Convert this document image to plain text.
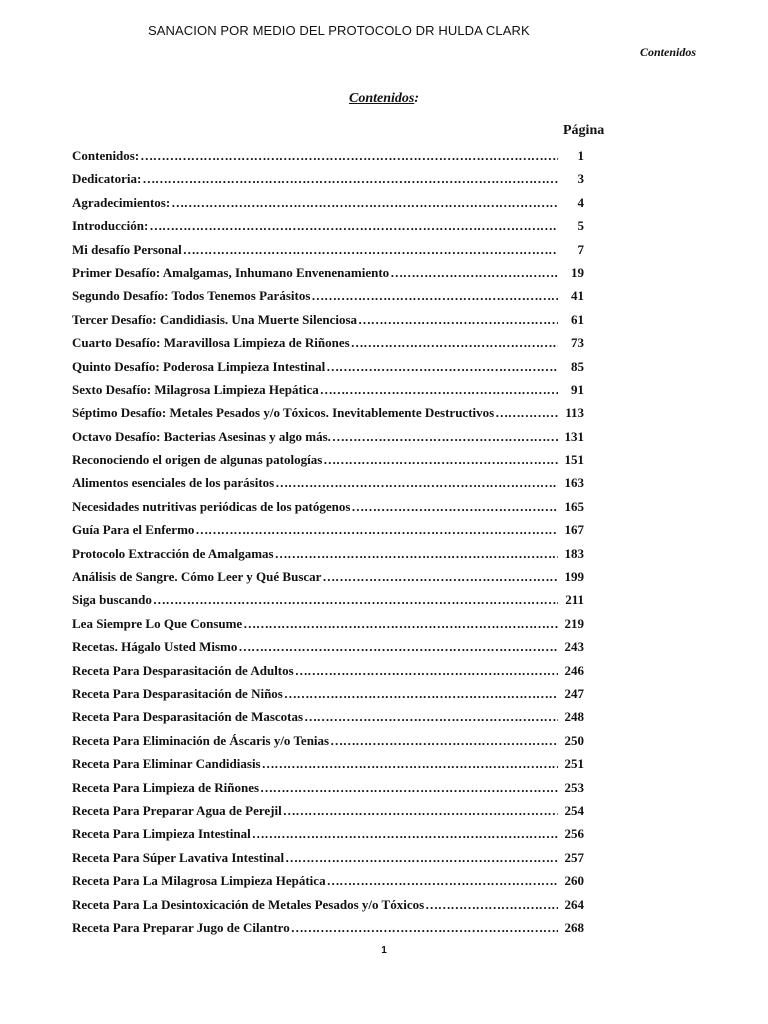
SANACION POR MEDIO DEL PROTOCOLO DR HULDA CLARK
Contenidos
Contenidos:
Página
Contenidos: ……………………………………………………………………………………………………………………………………………………………	1
Dedicatoria: ……………………………………………………………………………………………………………………………………………………………	3
Agradecimientos: ……………………………………………………………………………………………………………………………………………………………	4
Introducción: ……………………………………………………………………………………………………………………………………………………………	5
Mi desafío Personal ……………………………………………………………………………………………………………………………………………………………	7
Primer Desafío: Amalgamas, Inhumano Envenenamiento ……………………………………………………………………………………………………………………………………………………………	19
Segundo Desafío: Todos Tenemos Parásitos ……………………………………………………………………………………………………………………………………………………………	41
Tercer Desafío: Candidiasis. Una Muerte Silenciosa ……………………………………………………………………………………………………………………………………………………………	61
Cuarto Desafío: Maravillosa Limpieza de Riñones ……………………………………………………………………………………………………………………………………………………………	73
Quinto Desafío: Poderosa Limpieza Intestinal ……………………………………………………………………………………………………………………………………………………………	85
Sexto Desafío: Milagrosa Limpieza Hepática ……………………………………………………………………………………………………………………………………………………………	91
Séptimo Desafío: Metales Pesados y/o Tóxicos. Inevitablemente Destructivos ……………………………………………………………………………………………………………………………………………………………	113
Octavo Desafío: Bacterias Asesinas y algo más. ……………………………………………………………………………………………………………………………………………………………	131
Reconociendo el origen de algunas patologías ……………………………………………………………………………………………………………………………………………………………	151
Alimentos esenciales de los parásitos ……………………………………………………………………………………………………………………………………………………………	163
Necesidades nutritivas periódicas de los patógenos ……………………………………………………………………………………………………………………………………………………………	165
Guía Para el Enfermo ……………………………………………………………………………………………………………………………………………………………	167
Protocolo Extracción de Amalgamas ……………………………………………………………………………………………………………………………………………………………	183
Análisis de Sangre. Cómo Leer y Qué Buscar ……………………………………………………………………………………………………………………………………………………………	199
Siga buscando ……………………………………………………………………………………………………………………………………………………………	211
Lea Siempre Lo Que Consume ……………………………………………………………………………………………………………………………………………………………	219
Recetas. Hágalo Usted Mismo ……………………………………………………………………………………………………………………………………………………………	243
Receta Para Desparasitación de Adultos ……………………………………………………………………………………………………………………………………………………………	246
Receta Para Desparasitación de Niños ……………………………………………………………………………………………………………………………………………………………	247
Receta Para Desparasitación de Mascotas ……………………………………………………………………………………………………………………………………………………………	248
Receta Para Eliminación de Áscaris y/o Tenias ……………………………………………………………………………………………………………………………………………………………	250
Receta Para Eliminar Candidiasis ……………………………………………………………………………………………………………………………………………………………	251
Receta Para Limpieza de Riñones ……………………………………………………………………………………………………………………………………………………………	253
Receta Para Preparar Agua de Perejil ……………………………………………………………………………………………………………………………………………………………	254
Receta Para Limpieza Intestinal ……………………………………………………………………………………………………………………………………………………………	256
Receta Para Súper Lavativa Intestinal ……………………………………………………………………………………………………………………………………………………………	257
Receta Para La Milagrosa Limpieza Hepática ……………………………………………………………………………………………………………………………………………………………	260
Receta Para La Desintoxicación de Metales Pesados y/o Tóxicos ……………………………………………………………………………………………………………………………………………………………	264
Receta Para Preparar Jugo de Cilantro ……………………………………………………………………………………………………………………………………………………………	268
1
